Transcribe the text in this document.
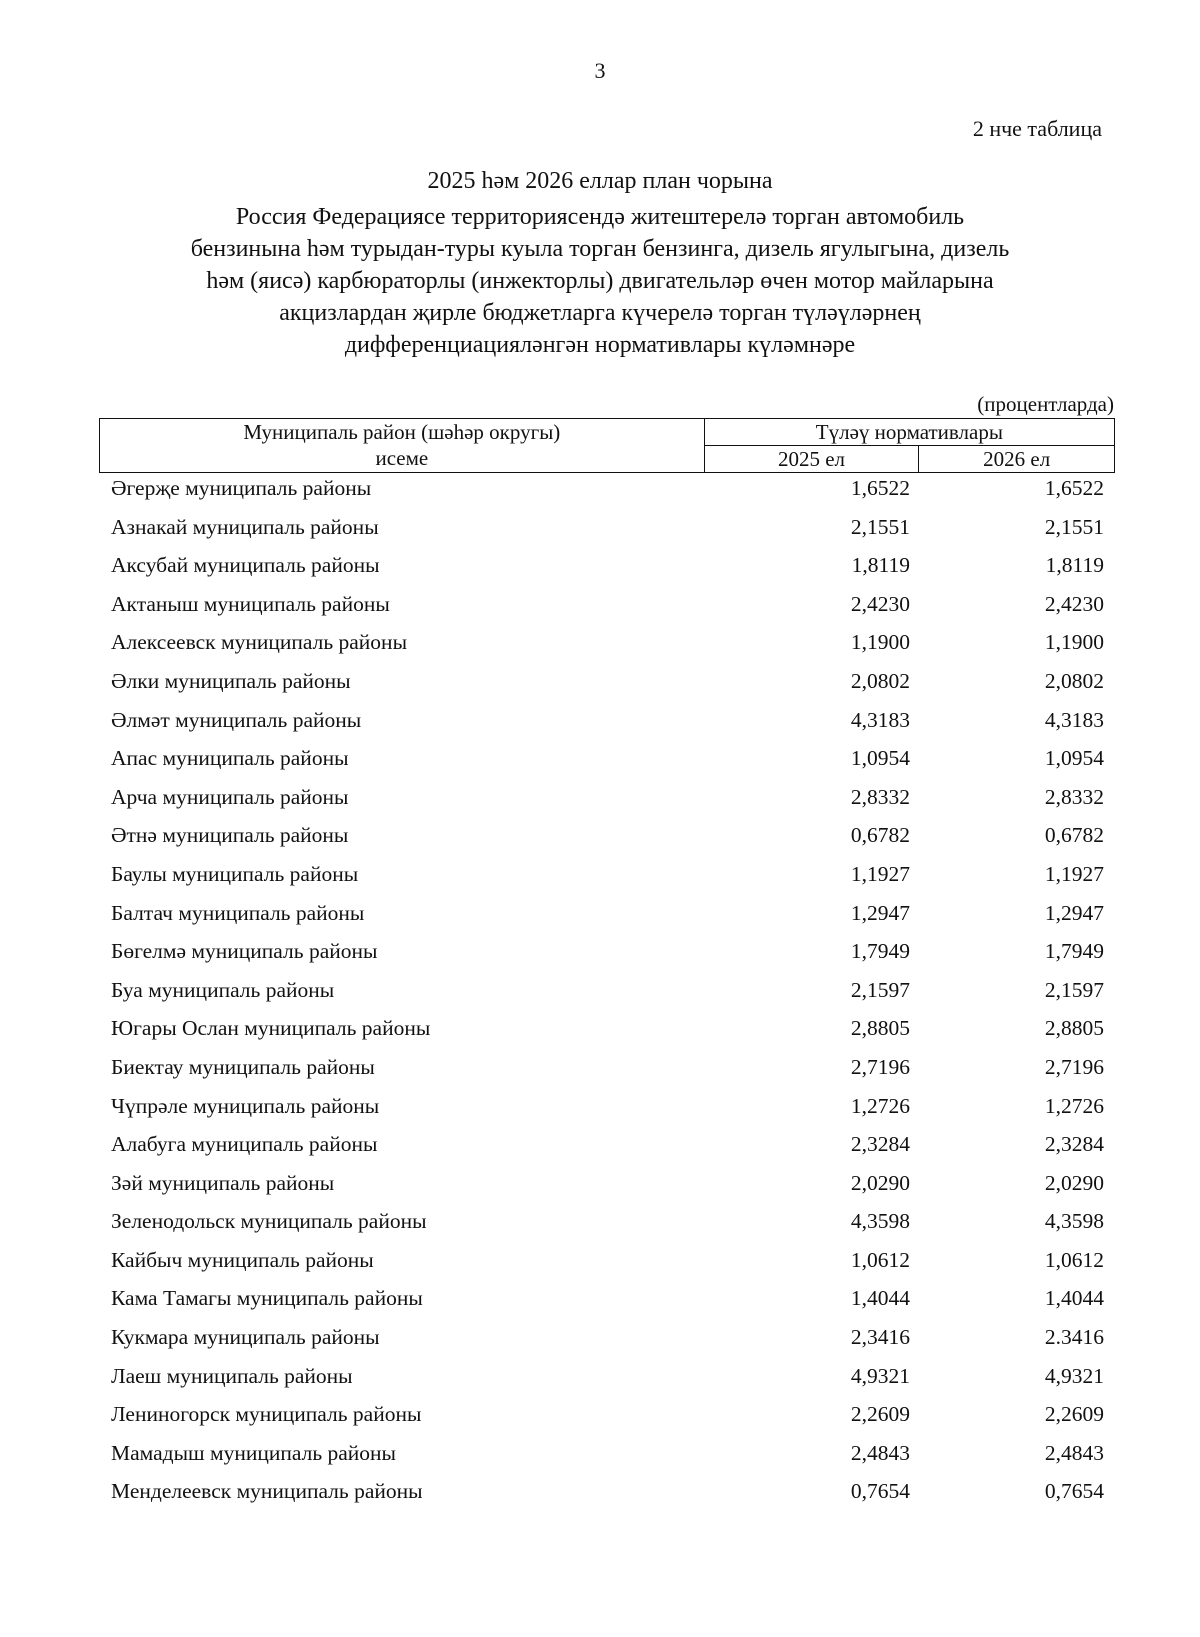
3
2 нче таблица
2025 һәм 2026 еллар план чорына
Россия Федерациясе территориясендә житештерелә торган автомобиль
бензинына һәм турыдан-туры куыла торган бензинга, дизель ягулыгына, дизель
һәм (яисә) карбюраторлы (инжекторлы) двигательләр өчен мотор майларына
акцизлардан җирле бюджетларга күчерелә торган түләүләрнең
дифференциацияләнгән нормативлары күләмнәре
(процентларда)
Муниципаль район (шәһәр округы)
исеме	Түләү нормативлары	
	2025 ел	2026 ел
Әгерҗе муниципаль районы	1,6522	1,6522
Азнакай муниципаль районы	2,1551	2,1551
Аксубай муниципаль районы	1,8119	1,8119
Актаныш муниципаль районы	2,4230	2,4230
Алексеевск муниципаль районы	1,1900	1,1900
Әлки муниципаль районы	2,0802	2,0802
Әлмәт муниципаль районы	4,3183	4,3183
Апас муниципаль районы	1,0954	1,0954
Арча муниципаль районы	2,8332	2,8332
Әтнә муниципаль районы	0,6782	0,6782
Баулы муниципаль районы	1,1927	1,1927
Балтач муниципаль районы	1,2947	1,2947
Бөгелмә муниципаль районы	1,7949	1,7949
Буа муниципаль районы	2,1597	2,1597
Югары Ослан муниципаль районы	2,8805	2,8805
Биектау муниципаль районы	2,7196	2,7196
Чүпрәле муниципаль районы	1,2726	1,2726
Алабуга муниципаль районы	2,3284	2,3284
Зәй муниципаль районы	2,0290	2,0290
Зеленодольск муниципаль районы	4,3598	4,3598
Кайбыч муниципаль районы	1,0612	1,0612
Кама Тамагы муниципаль районы	1,4044	1,4044
Кукмара муниципаль районы	2,3416	2.3416
Лаеш муниципаль районы	4,9321	4,9321
Лениногорск муниципаль районы	2,2609	2,2609
Мамадыш муниципаль районы	2,4843	2,4843
Менделеевск муниципаль районы	0,7654	0,7654
